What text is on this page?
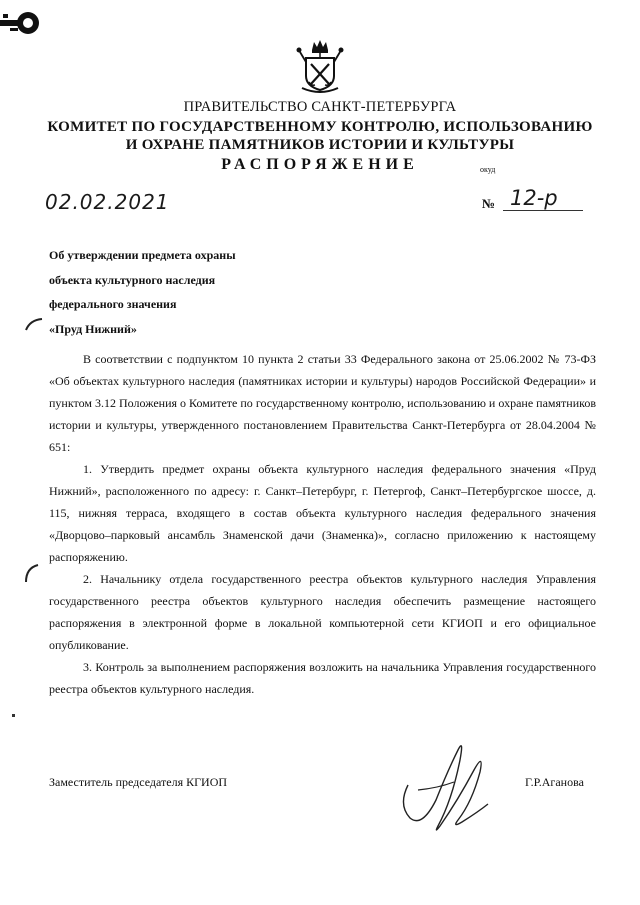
ПРАВИТЕЛЬСТВО САНКТ-ПЕТЕРБУРГА
КОМИТЕТ ПО ГОСУДАРСТВЕННОМУ КОНТРОЛЮ, ИСПОЛЬЗОВАНИЮ
И ОХРАНЕ ПАМЯТНИКОВ ИСТОРИИ И КУЛЬТУРЫ
РАСПОРЯЖЕНИЕ	окуд
02.02.2021	№ 12-р
Об утверждении предмета охраны
объекта культурного наследия
федерального значения
«Пруд Нижний»

В соответствии с подпунктом 10 пункта 2 статьи 33 Федерального закона от 25.06.2002 № 73-ФЗ «Об объектах культурного наследия (памятниках истории и культуры) народов Российской Федерации» и пунктом 3.12 Положения о Комитете по государственному контролю, использованию и охране памятников истории и культуры, утвержденного постановлением Правительства Санкт-Петербурга от 28.04.2004 № 651:

1. Утвердить предмет охраны объекта культурного наследия федерального значения «Пруд Нижний», расположенного по адресу: г. Санкт–Петербург, г. Петергоф, Санкт–Петербургское шоссе, д. 115, нижняя терраса, входящего в состав объекта культурного наследия федерального значения «Дворцово–парковый ансамбль Знаменской дачи (Знаменка)», согласно приложению к настоящему распоряжению.

2. Начальнику отдела государственного реестра объектов культурного наследия Управления государственного реестра объектов культурного наследия обеспечить размещение настоящего распоряжения в электронной форме в локальной компьютерной сети КГИОП и его официальное опубликование.

3. Контроль за выполнением распоряжения возложить на начальника Управления государственного реестра объектов культурного наследия.

Заместитель председателя КГИОП	Г.Р.Аганова
